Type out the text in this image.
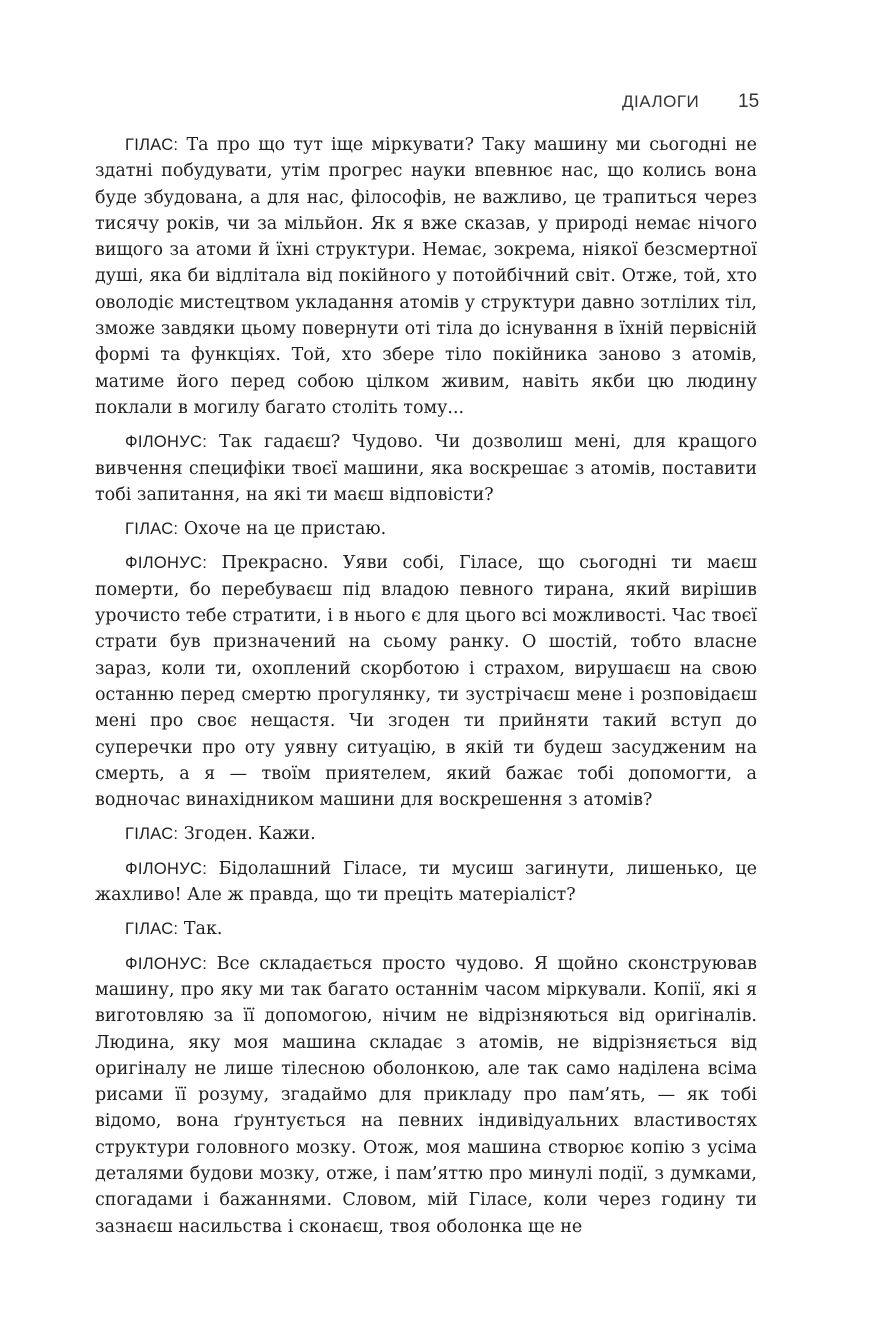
ДІАЛОГИ 15

ГІЛАС: Та про що тут іще міркувати? Таку машину ми сьогодні не здатні побудувати, утім прогрес науки впевнює нас, що колись вона буде збудована, а для нас, філософів, не важливо, це трапиться через тисячу років, чи за мільйон. Як я вже сказав, у природі немає нічого вищого за атоми й їхні структури. Немає, зокрема, ніякої безсмертної душі, яка би відлітала від покійного у потойбічний світ. Отже, той, хто оволодіє мистецтвом укладання атомів у структури давно зотлілих тіл, зможе завдяки цьому повернути оті тіла до існування в їхній первісній формі та функціях. Той, хто збере тіло покійника заново з атомів, матиме його перед собою цілком живим, навіть якби цю людину поклали в могилу багато століть тому...

ФІЛОНУС: Так гадаєш? Чудово. Чи дозволиш мені, для кращого вивчення специфіки твоєї машини, яка воскрешає з атомів, поставити тобі запитання, на які ти маєш відповісти?

ГІЛАС: Охоче на це пристаю.

ФІЛОНУС: Прекрасно. Уяви собі, Гіласе, що сьогодні ти маєш померти, бо перебуваєш під владою певного тирана, який вирішив урочисто тебе стратити, і в нього є для цього всі можливості. Час твоєї страти був призначений на сьому ранку. О шостій, тобто власне зараз, коли ти, охоплений скорботою і страхом, вирушаєш на свою останню перед смертю прогулянку, ти зустрічаєш мене і розповідаєш мені про своє нещастя. Чи згоден ти прийняти такий вступ до суперечки про оту уявну ситуацію, в якій ти будеш засудженим на смерть, а я — твоїм приятелем, який бажає тобі допомогти, а водночас винахідником машини для воскрешення з атомів?

ГІЛАС: Згоден. Кажи.

ФІЛОНУС: Бідолашний Гіласе, ти мусиш загинути, лишенько, це жахливо! Але ж правда, що ти преціть матеріаліст?

ГІЛАС: Так.

ФІЛОНУС: Все складається просто чудово. Я щойно сконструював машину, про яку ми так багато останнім часом міркували. Копії, які я виготовляю за її допомогою, нічим не відрізняються від оригіналів. Людина, яку моя машина складає з атомів, не відрізняється від оригіналу не лише тілесною оболонкою, але так само наділена всіма рисами її розуму, згадаймо для прикладу про пам’ять, — як тобі відомо, вона ґрунтується на певних індивідуальних властивостях структури головного мозку. Отож, моя машина створює копію з усіма деталями будови мозку, отже, і пам’яттю про минулі події, з думками, спогадами і бажаннями. Словом, мій Гіласе, коли через годину ти зазнаєш насильства і сконаєш, твоя оболонка ще не
